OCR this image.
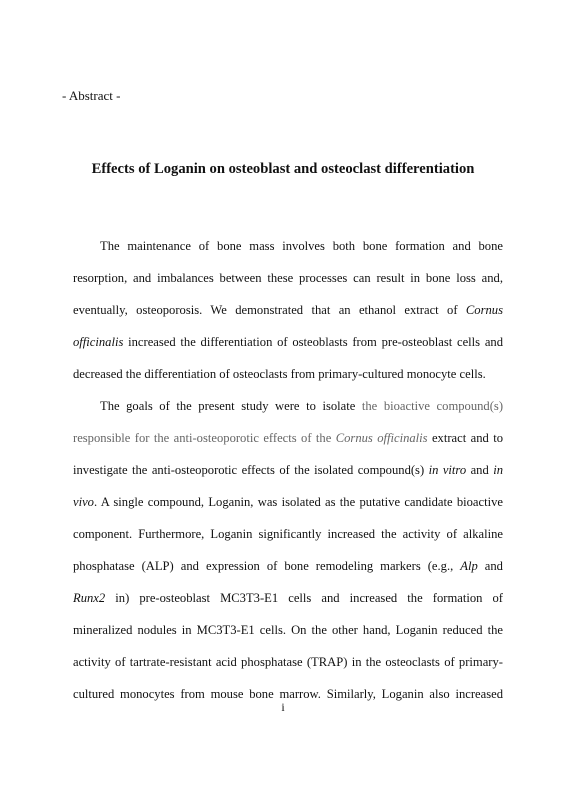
- Abstract -
Effects of Loganin on osteoblast and osteoclast differentiation
The maintenance of bone mass involves both bone formation and bone
resorption, and imbalances between these processes can result in bone loss and,
eventually, osteoporosis. We demonstrated that an ethanol extract of Cornus
officinalis increased the differentiation of osteoblasts from pre-osteoblast cells and
decreased the differentiation of osteoclasts from primary-cultured monocyte cells.
The goals of the present study were to isolate the bioactive compound(s)
responsible for the anti-osteoporotic effects of the Cornus officinalis extract and to
investigate the anti-osteoporotic effects of the isolated compound(s) in vitro and in
vivo. A single compound, Loganin, was isolated as the putative candidate bioactive
component. Furthermore, Loganin significantly increased the activity of alkaline
phosphatase (ALP) and expression of bone remodeling markers (e.g., Alp and
Runx2 in) pre-osteoblast MC3T3-E1 cells and increased the formation of
mineralized nodules in MC3T3-E1 cells. On the other hand, Loganin reduced the
activity of tartrate-resistant acid phosphatase (TRAP) in the osteoclasts of primary-
cultured monocytes from mouse bone marrow. Similarly, Loganin also increased
i
